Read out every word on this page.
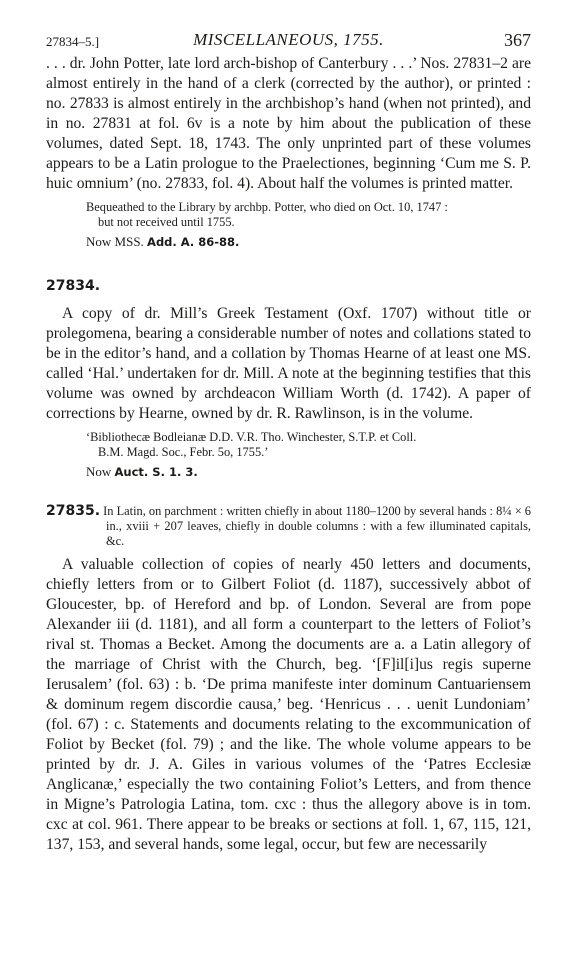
27834–5.]	MISCELLANEOUS, 1755.	367

. . . dr. John Potter, late lord arch-bishop of Canterbury . . .’ Nos. 27831–2 are almost entirely in the hand of a clerk (corrected by the author), or printed : no. 27833 is almost entirely in the archbishop’s hand (when not printed), and in no. 27831 at fol. 6v is a note by him about the publication of these volumes, dated Sept. 18, 1743. The only unprinted part of these volumes appears to be a Latin prologue to the Praelectiones, beginning ‘Cum me S. P. huic omnium’ (no. 27833, fol. 4). About half the volumes is printed matter.

Bequeathed to the Library by archbp. Potter, who died on Oct. 10, 1747 :
but not received until 1755.
Now MSS. Add. A. 86-88.
27834.

A copy of dr. Mill’s Greek Testament (Oxf. 1707) without title or prolegomena, bearing a considerable number of notes and collations stated to be in the editor’s hand, and a collation by Thomas Hearne of at least one MS. called ‘Hal.’ undertaken for dr. Mill. A note at the beginning testifies that this volume was owned by archdeacon William Worth (d. 1742). A paper of corrections by Hearne, owned by dr. R. Rawlinson, is in the volume.

‘Bibliothecæ Bodleianæ D.D. V.R. Tho. Winchester, S.T.P. et Coll.
B.M. Magd. Soc., Febr. 5o, 1755.’
Now Auct. S. 1. 3.
27835. In Latin, on parchment : written chiefly in about 1180–1200 by several hands : 8¼ × 6 in., xviii + 207 leaves, chiefly in double columns : with a few illuminated capitals, &c.

A valuable collection of copies of nearly 450 letters and documents, chiefly letters from or to Gilbert Foliot (d. 1187), successively abbot of Gloucester, bp. of Hereford and bp. of London. Several are from pope Alexander iii (d. 1181), and all form a counterpart to the letters of Foliot’s rival st. Thomas a Becket. Among the documents are a. a Latin allegory of the marriage of Christ with the Church, beg. ‘[F]il[i]us regis superne Ierusalem’ (fol. 63) : b. ‘De prima manifeste inter dominum Cantuariensem & dominum regem discordie causa,’ beg. ‘Henricus . . . uenit Lundoniam’ (fol. 67) : c. Statements and documents relating to the excommunication of Foliot by Becket (fol. 79) ; and the like. The whole volume appears to be printed by dr. J. A. Giles in various volumes of the ‘Patres Ecclesiæ Anglicanæ,’ especially the two containing Foliot’s Letters, and from thence in Migne’s Patrologia Latina, tom. cxc : thus the allegory above is in tom. cxc at col. 961. There appear to be breaks or sections at foll. 1, 67, 115, 121, 137, 153, and several hands, some legal, occur, but few are necessarily
